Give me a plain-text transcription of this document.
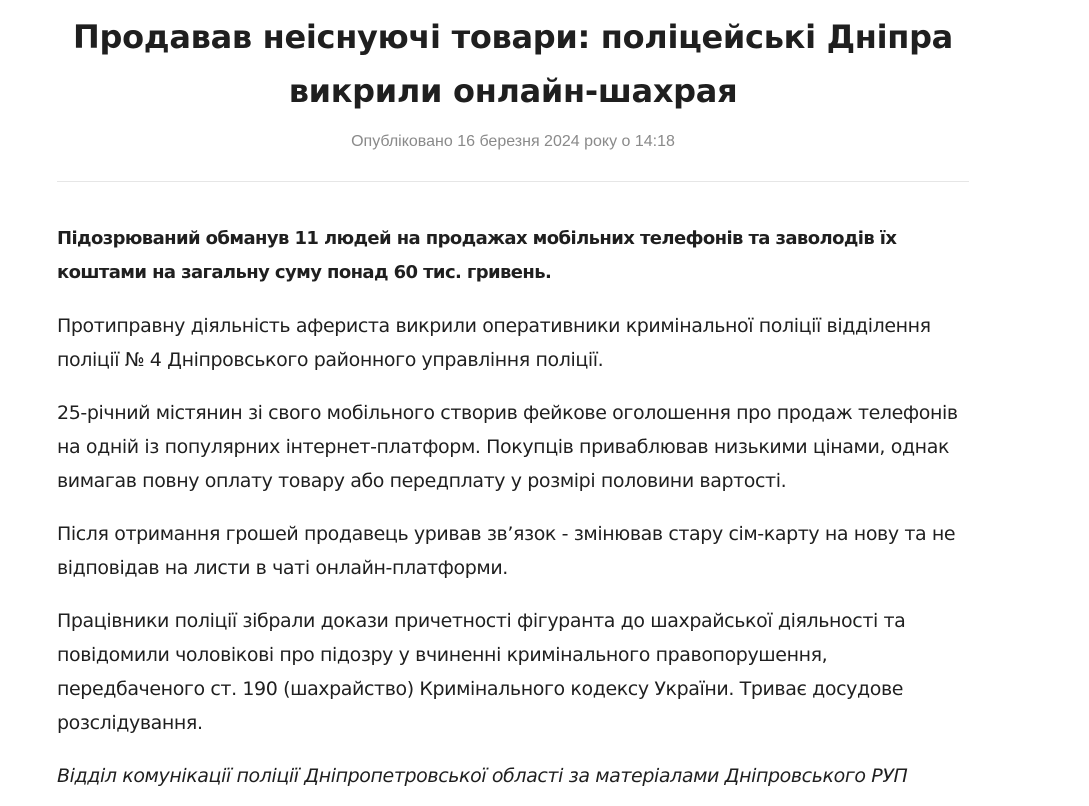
Продавав неіснуючі товари: поліцейські Дніпра викрили онлайн-шахрая
Опубліковано 16 березня 2024 року о 14:18

Підозрюваний обманув 11 людей на продажах мобільних телефонів та заволодів їх коштами на загальну суму понад 60 тис. гривень.

Протиправну діяльність афериста викрили оперативники кримінальної поліції відділення поліції № 4 Дніпровського районного управління поліції.

25-річний містянин зі свого мобільного створив фейкове оголошення про продаж телефонів на одній із популярних інтернет-платформ. Покупців приваблював низькими цінами, однак вимагав повну оплату товару або передплату у розмірі половини вартості.

Після отримання грошей продавець уривав зв’язок - змінював стару сім-карту на нову та не відповідав на листи в чаті онлайн-платформи.

Працівники поліції зібрали докази причетності фігуранта до шахрайської діяльності та повідомили чоловікові про підозру у вчиненні кримінального правопорушення, передбаченого ст. 190 (шахрайство) Кримінального кодексу України. Триває досудове розслідування.

Відділ комунікації поліції Дніпропетровської області за матеріалами Дніпровського РУП
